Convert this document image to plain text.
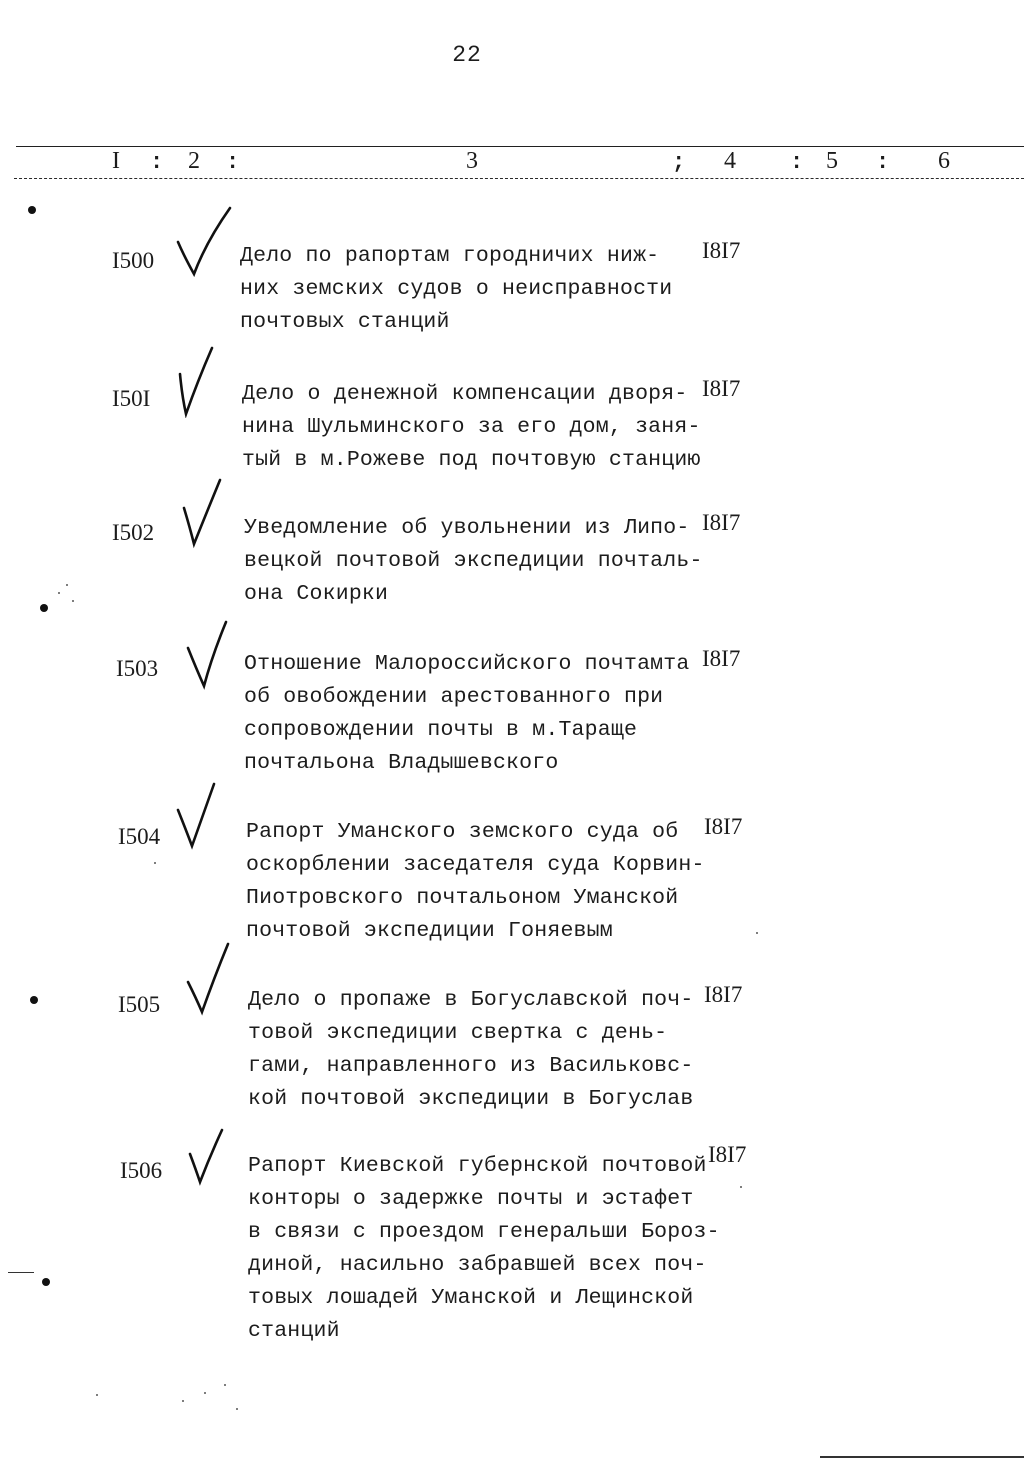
22
I : 2 :	3	; 4 : 5 : 6
I500	Дело по рапортам городничих ниж-
них земских судов о неисправности
почтовых станций
I8I7
I50I	Дело о денежной компенсации дворя-
нина Шульминского за его дом, заня-
тый в м.Рожеве под почтовую станцию
I8I7
I502	Уведомление об увольнении из Липо-
вецкой почтовой экспедиции почталь-
она Сокирки
I8I7
I503	Отношение Малороссийского почтамта
об овобождении арестованного при
сопровождении почты в м.Таращe
почтальона Владышевского
I8I7
I504	Рапорт Уманского земского суда об
оскорблении заседателя суда Корвин-
Пиотровского почтальоном Уманской
почтовой экспедиции Гоняевым
I8I7
I505	Дело о пропаже в Богуславской поч-
товой экспедиции свертка с день-
гами, направленного из Васильковс-
кой почтовой экспедиции в Богуслав
I8I7
I506	Рапорт Киевской губернской почтовой
конторы о задержке почты и эстафет
в связи с проездом генеральши Бороз-
диной, насильно забравшей всех поч-
товых лошадей Уманской и Лещинской
станций
I8I7
